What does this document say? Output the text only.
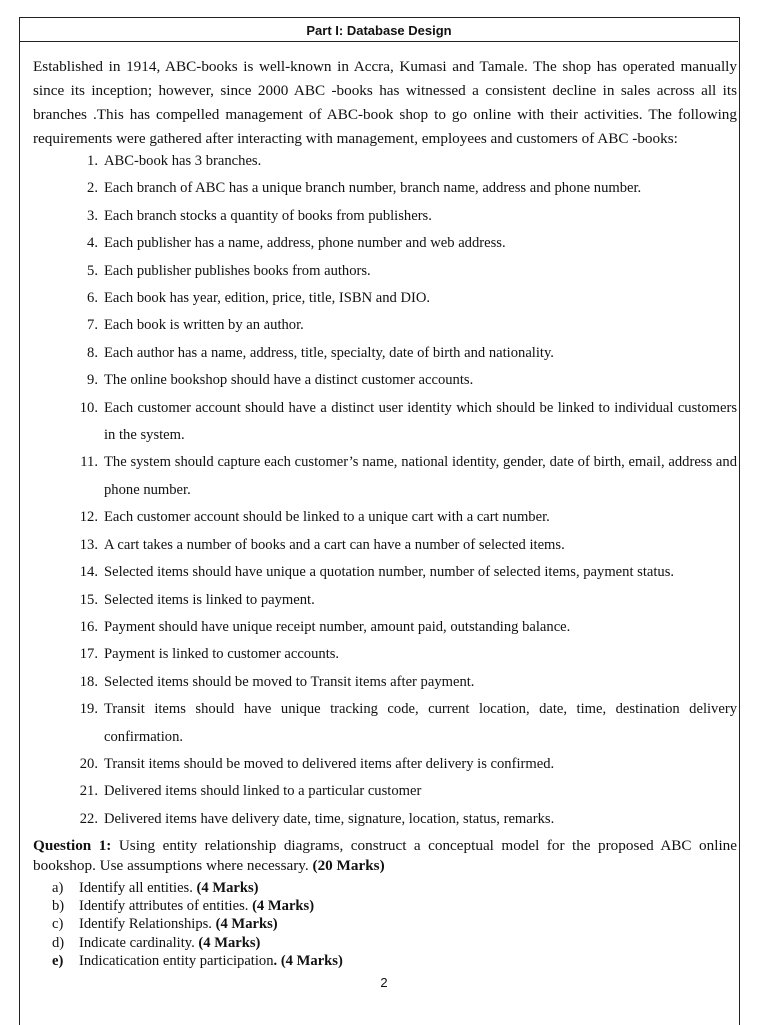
Part I: Database Design

Established in 1914, ABC-books is well-known in Accra, Kumasi and Tamale. The shop has operated manually since its inception; however, since 2000 ABC -books has witnessed a consistent decline in sales across all its branches .This has compelled management of ABC-book shop to go online with their activities. The following requirements were gathered after interacting with management, employees and customers of ABC -books:

1. ABC-book has 3 branches.
2. Each branch of ABC has a unique branch number, branch name, address and phone number.
3. Each branch stocks a quantity of books from publishers.
4. Each publisher has a name, address, phone number and web address.
5. Each publisher publishes books from authors.
6. Each book has year, edition, price, title, ISBN and DIO.
7. Each book is written by an author.
8. Each author has a name, address, title, specialty, date of birth and nationality.
9. The online bookshop should have a distinct customer accounts.
10. Each customer account should have a distinct user identity which should be linked to individual customers in the system.
11. The system should capture each customer’s name, national identity, gender, date of birth, email, address and phone number.
12. Each customer account should be linked to a unique cart with a cart number.
13. A cart takes a number of books and a cart can have a number of selected items.
14. Selected items should have unique a quotation number, number of selected items, payment status.
15. Selected items is linked to payment.
16. Payment should have unique receipt number, amount paid, outstanding balance.
17. Payment is linked to customer accounts.
18. Selected items should be moved to Transit items after payment.
19. Transit items should have unique tracking code, current location, date, time, destination delivery confirmation.
20. Transit items should be moved to delivered items after delivery is confirmed.
21. Delivered items should linked to a particular customer
22. Delivered items have delivery date, time, signature, location, status, remarks.

Question 1: Using entity relationship diagrams, construct a conceptual model for the proposed ABC online bookshop. Use assumptions where necessary. (20 Marks)

a) Identify all entities. (4 Marks)
b) Identify attributes of entities. (4 Marks)
c) Identify Relationships. (4 Marks)
d) Indicate cardinality. (4 Marks)
e) Indicatication entity participation. (4 Marks)
2
